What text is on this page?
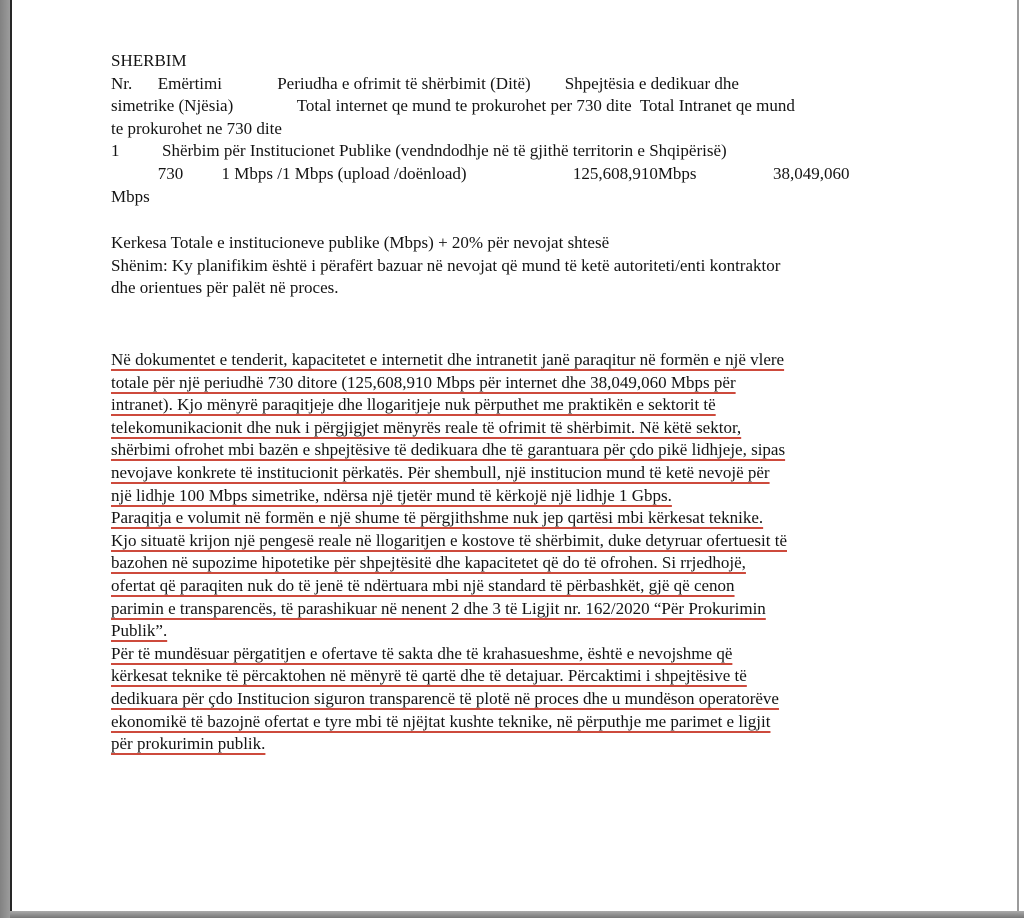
SHERBIM
Nr.      Emërtimi             Periudha e ofrimit të shërbimit (Ditë)        Shpejtësia e dedikuar dhe
simetrike (Njësia)               Total internet qe mund te prokurohet per 730 dite  Total Intranet qe mund
te prokurohet ne 730 dite
1          Shërbim për Institucionet Publike (vendndodhje në të gjithë territorin e Shqipërisë)
730         1 Mbps /1 Mbps (upload /doënload)                         125,608,910Mbps                  38,049,060
Mbps
Kerkesa Totale e institucioneve publike (Mbps) + 20% për nevojat shtesë
Shënim: Ky planifikim është i përafërt bazuar në nevojat që mund të ketë autoriteti/enti kontraktor
dhe orientues për palët në proces.
Në dokumentet e tenderit, kapacitetet e internetit dhe intranetit janë paraqitur në formën e një vlere
totale për një periudhë 730 ditore (125,608,910 Mbps për internet dhe 38,049,060 Mbps për
intranet). Kjo mënyrë paraqitjeje dhe llogaritjeje nuk përputhet me praktikën e sektorit të
telekomunikacionit dhe nuk i përgjigjet mënyrës reale të ofrimit të shërbimit. Në këtë sektor,
shërbimi ofrohet mbi bazën e shpejtësive të dedikuara dhe të garantuara për çdo pikë lidhjeje, sipas
nevojave konkrete të institucionit përkatës. Për shembull, një institucion mund të ketë nevojë për
një lidhje 100 Mbps simetrike, ndërsa një tjetër mund të kërkojë një lidhje 1 Gbps.
Paraqitja e volumit në formën e një shume të përgjithshme nuk jep qartësi mbi kërkesat teknike.
Kjo situatë krijon një pengesë reale në llogaritjen e kostove të shërbimit, duke detyruar ofertuesit të
bazohen në supozime hipotetike për shpejtësitë dhe kapacitetet që do të ofrohen. Si rrjedhojë,
ofertat që paraqiten nuk do të jenë të ndërtuara mbi një standard të përbashkët, gjë që cenon
parimin e transparencës, të parashikuar në nenent 2 dhe 3 të Ligjit nr. 162/2020 “Për Prokurimin
Publik”.
Për të mundësuar përgatitjen e ofertave të sakta dhe të krahasueshme, është e nevojshme që
kërkesat teknike të përcaktohen në mënyrë të qartë dhe të detajuar. Përcaktimi i shpejtësive të
dedikuara për çdo Institucion siguron transparencë të plotë në proces dhe u mundëson operatorëve
ekonomikë të bazojnë ofertat e tyre mbi të njëjtat kushte teknike, në përputhje me parimet e ligjit
për prokurimin publik.
